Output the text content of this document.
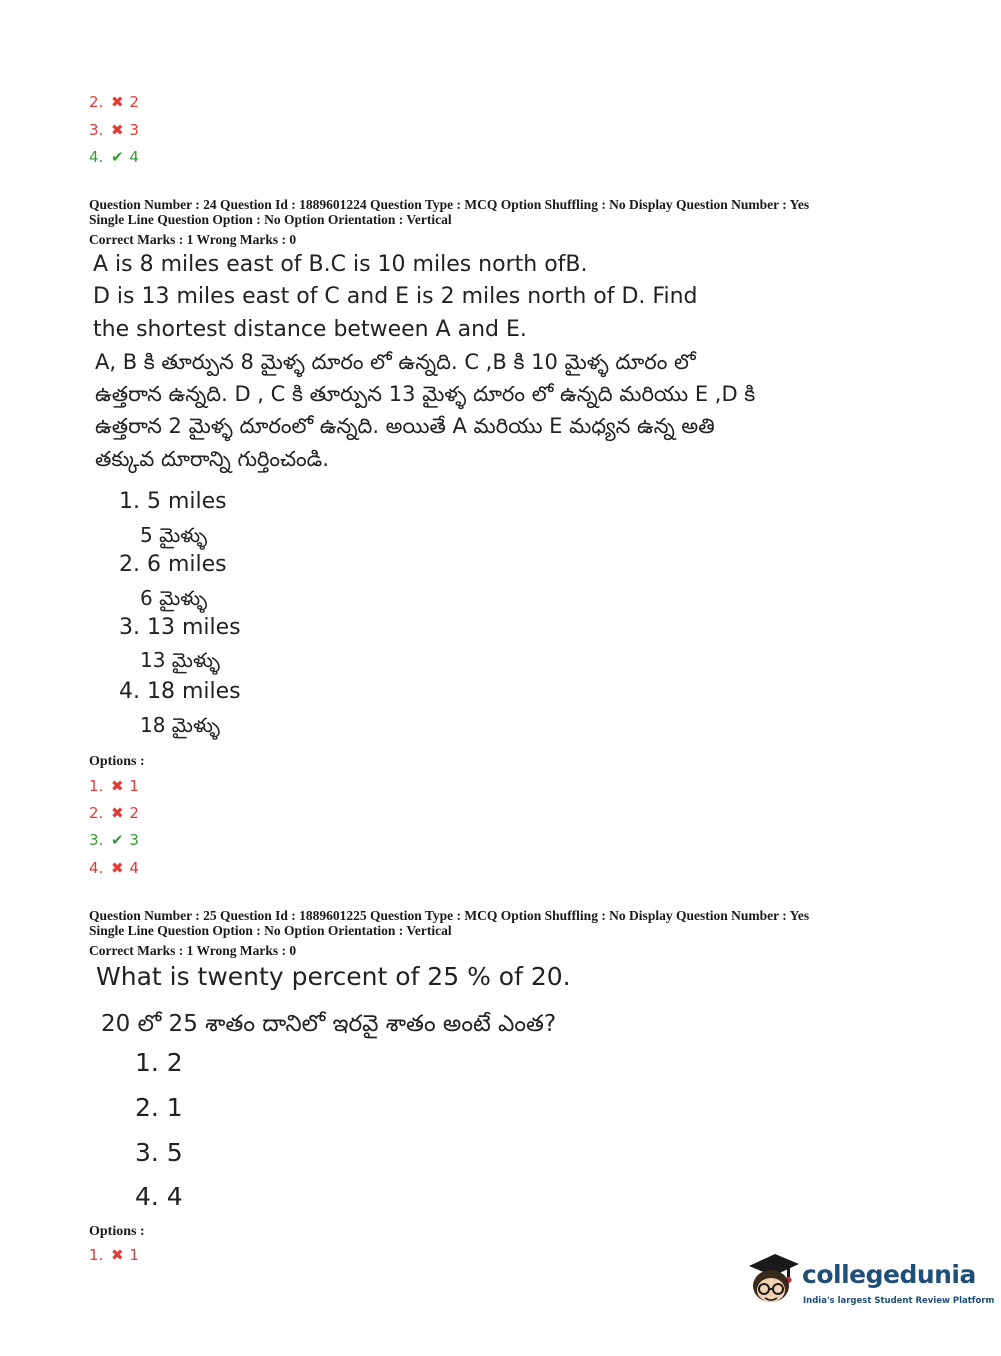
2. ✖ 2
3. ✖ 3
4. ✔ 4
Question Number : 24 Question Id : 1889601224 Question Type : MCQ Option Shuffling : No Display Question Number : Yes
Single Line Question Option : No Option Orientation : Vertical
Correct Marks : 1 Wrong Marks : 0
A is 8 miles east of B.C is 10 miles north ofB.
D is 13 miles east of C and E is 2 miles north of D. Find
the shortest distance between A and E.
A, B కి తూర్పున 8 మైళ్ళ దూరం లో ఉన్నది. C ,B కి 10 మైళ్ళ దూరం లో
ఉత్తరాన ఉన్నది. D , C కి తూర్పున 13 మైళ్ళ దూరం లో ఉన్నది మరియు E ,D కి
ఉత్తరాన 2 మైళ్ళ దూరంలో ఉన్నది. అయితే A మరియు E మధ్యన ఉన్న అతి
తక్కువ దూరాన్ని గుర్తించండి.
1. 5 miles
5 మైళ్ళు
2. 6 miles
6 మైళ్ళు
3. 13 miles
13 మైళ్ళు
4. 18 miles
18 మైళ్ళు
Options :
1. ✖ 1
2. ✖ 2
3. ✔ 3
4. ✖ 4
Question Number : 25 Question Id : 1889601225 Question Type : MCQ Option Shuffling : No Display Question Number : Yes
Single Line Question Option : No Option Orientation : Vertical
Correct Marks : 1 Wrong Marks : 0
What is twenty percent of 25 % of 20.
20 లో 25 శాతం దానిలో ఇరవై శాతం అంటే ఎంత?
1. 2
2. 1
3. 5
4. 4
Options :
1. ✖ 1
collegedunia
India's largest Student Review Platform
